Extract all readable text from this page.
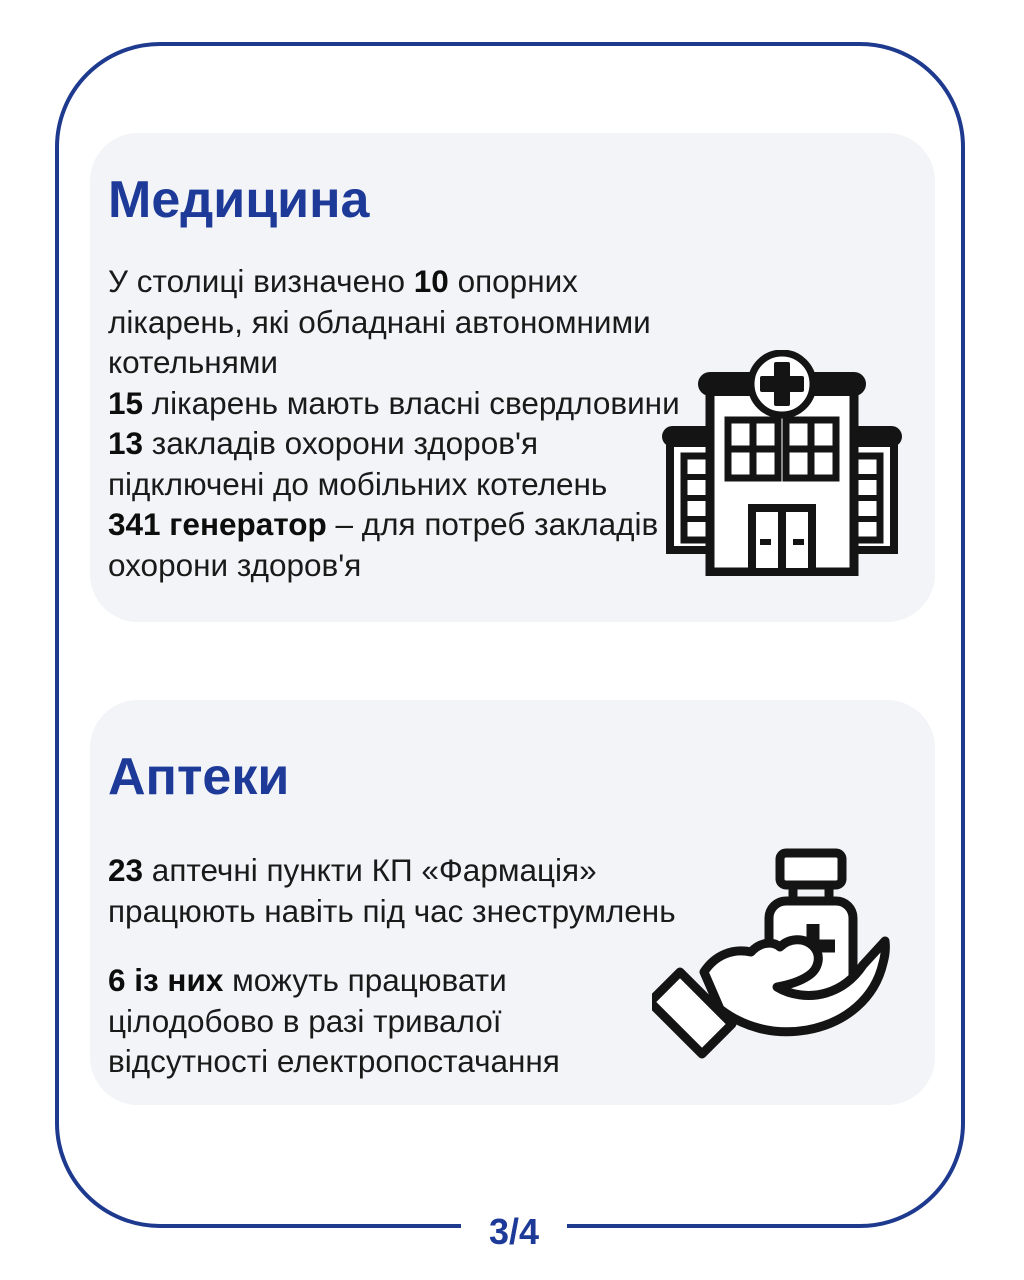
Медицина
У столиці визначено 10 опорних
лікарень, які обладнані автономними
котельнями
15 лікарень мають власні свердловини
13 закладів охорони здоров'я
підключені до мобільних котелень
341 генератор – для потреб закладів
охорони здоров'я
Аптеки
23 аптечні пункти КП «Фармація»
працюють навіть під час знеструмлень
6 із них можуть працювати
цілодобово в разі тривалої
відсутності електропостачання
3/4
